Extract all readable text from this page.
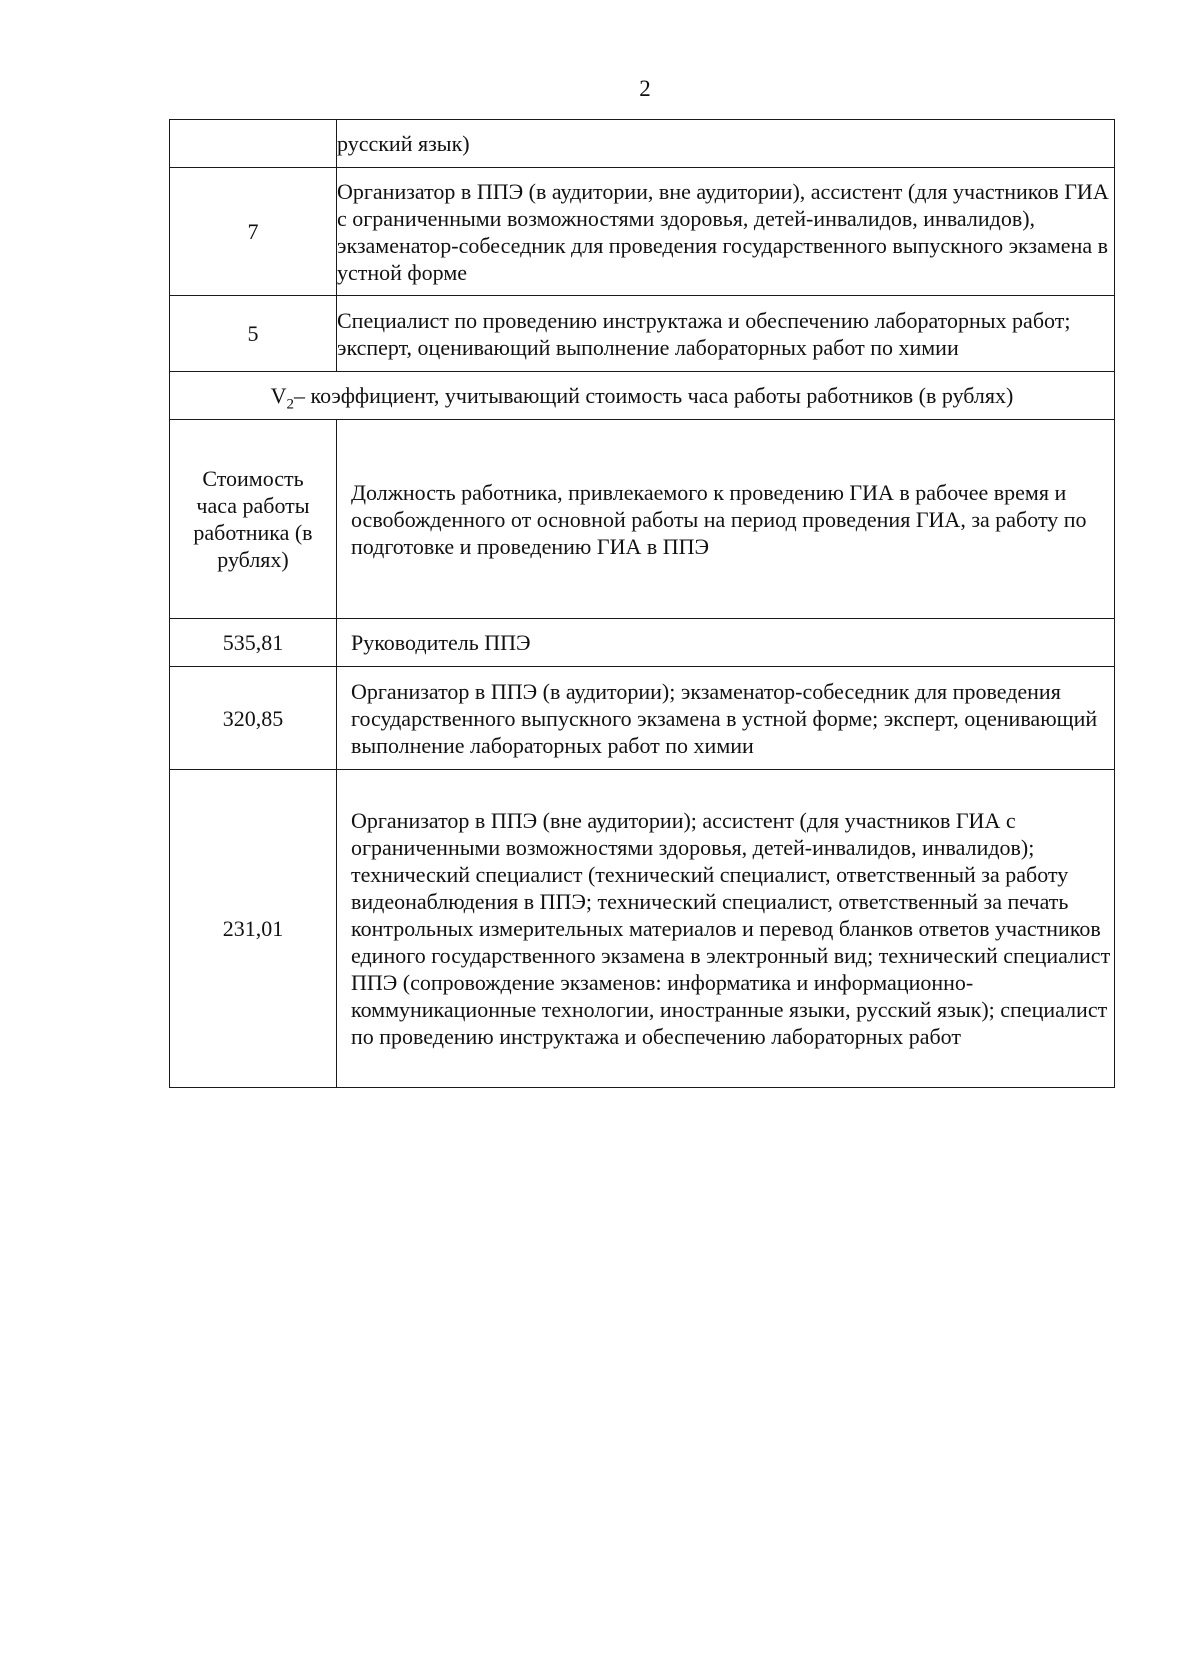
2
	русский язык)
7	Организатор в ППЭ (в аудитории, вне аудитории), ассистент (для участников ГИА с ограниченными возможностями здоровья, детей-инвалидов, инвалидов), экзаменатор-собеседник для проведения государственного выпускного экзамена в устной форме
5	Специалист по проведению инструктажа и обеспечению лабораторных работ; эксперт, оценивающий выполнение лабораторных работ по химии
$V_2-$ коэффициент, учитывающий стоимость часа работы работников (в рублях)	
Стоимость часа работы работника (в рублях)	Должность работника, привлекаемого к проведению ГИА в рабочее время и освобожденного от основной работы на период проведения ГИА, за работу по подготовке и проведению ГИА в ППЭ
535,81	Руководитель ППЭ
320,85	Организатор в ППЭ (в аудитории); экзаменатор-собеседник для проведения государственного выпускного экзамена в устной форме; эксперт, оценивающий выполнение лабораторных работ по химии
231,01	Организатор в ППЭ (вне аудитории); ассистент (для участников ГИА с ограниченными возможностями здоровья, детей-инвалидов, инвалидов); технический специалист (технический специалист, ответственный за работу видеонаблюдения в ППЭ; технический специалист, ответственный за печать контрольных измерительных материалов и перевод бланков ответов участников единого государственного экзамена в электронный вид; технический специалист ППЭ (сопровождение экзаменов: информатика и информационно-коммуникационные технологии, иностранные языки, русский язык); специалист по проведению инструктажа и обеспечению лабораторных работ
